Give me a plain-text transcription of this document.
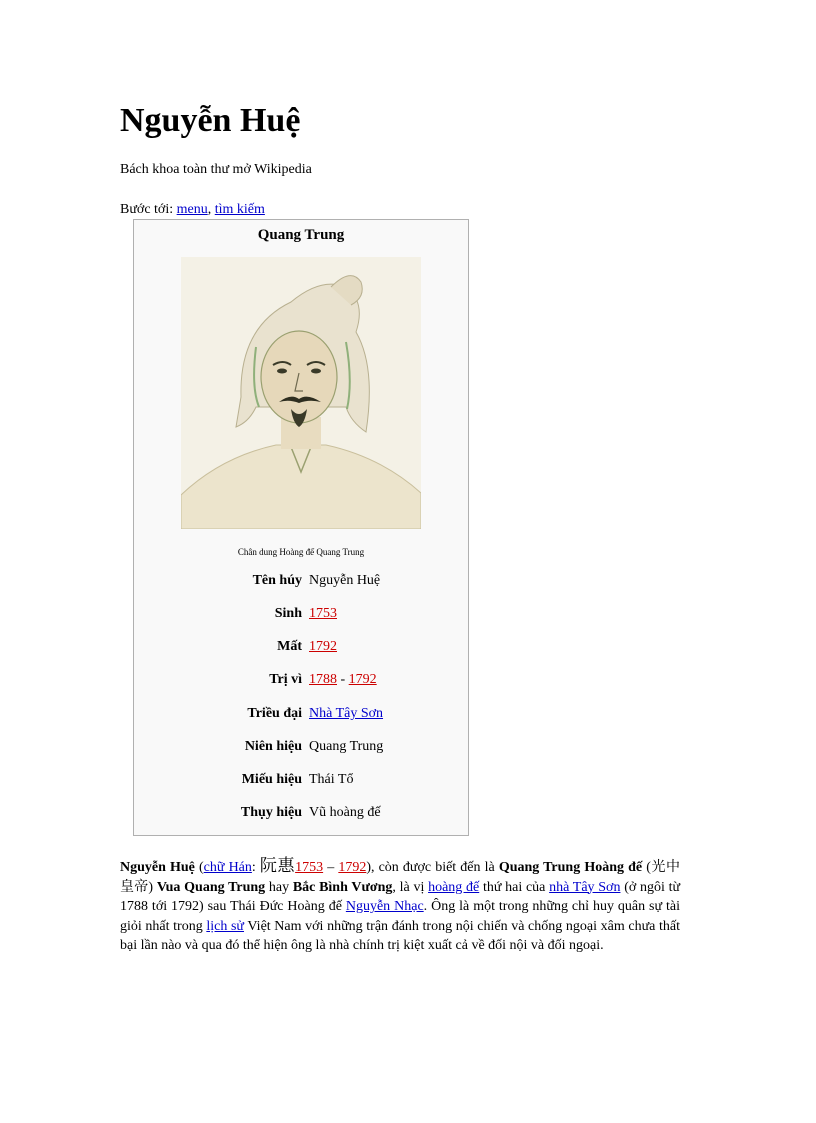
Nguyễn Huệ
Bách khoa toàn thư mở Wikipedia
Bước tới: menu, tìm kiếm
Quang Trung
Chân dung Hoàng đế Quang Trung
Tên húy Nguyễn Huệ
Sinh 1753
Mất 1792
Trị vì 1788 - 1792
Triều đại Nhà Tây Sơn
Niên hiệu Quang Trung
Miếu hiệu Thái Tổ
Thụy hiệu Vũ hoàng đế
Nguyễn Huệ (chữ Hán: 阮惠1753 – 1792), còn được biết đến là Quang Trung Hoàng đế (光中皇帝) Vua Quang Trung hay Bắc Bình Vương, là vị hoàng đế thứ hai của nhà Tây Sơn (ở ngôi từ 1788 tới 1792) sau Thái Đức Hoàng đế Nguyễn Nhạc. Ông là một trong những chỉ huy quân sự tài giỏi nhất trong lịch sử Việt Nam với những trận đánh trong nội chiến và chống ngoại xâm chưa thất bại lần nào và qua đó thể hiện ông là nhà chính trị kiệt xuất cả về đối nội và đối ngoại.
